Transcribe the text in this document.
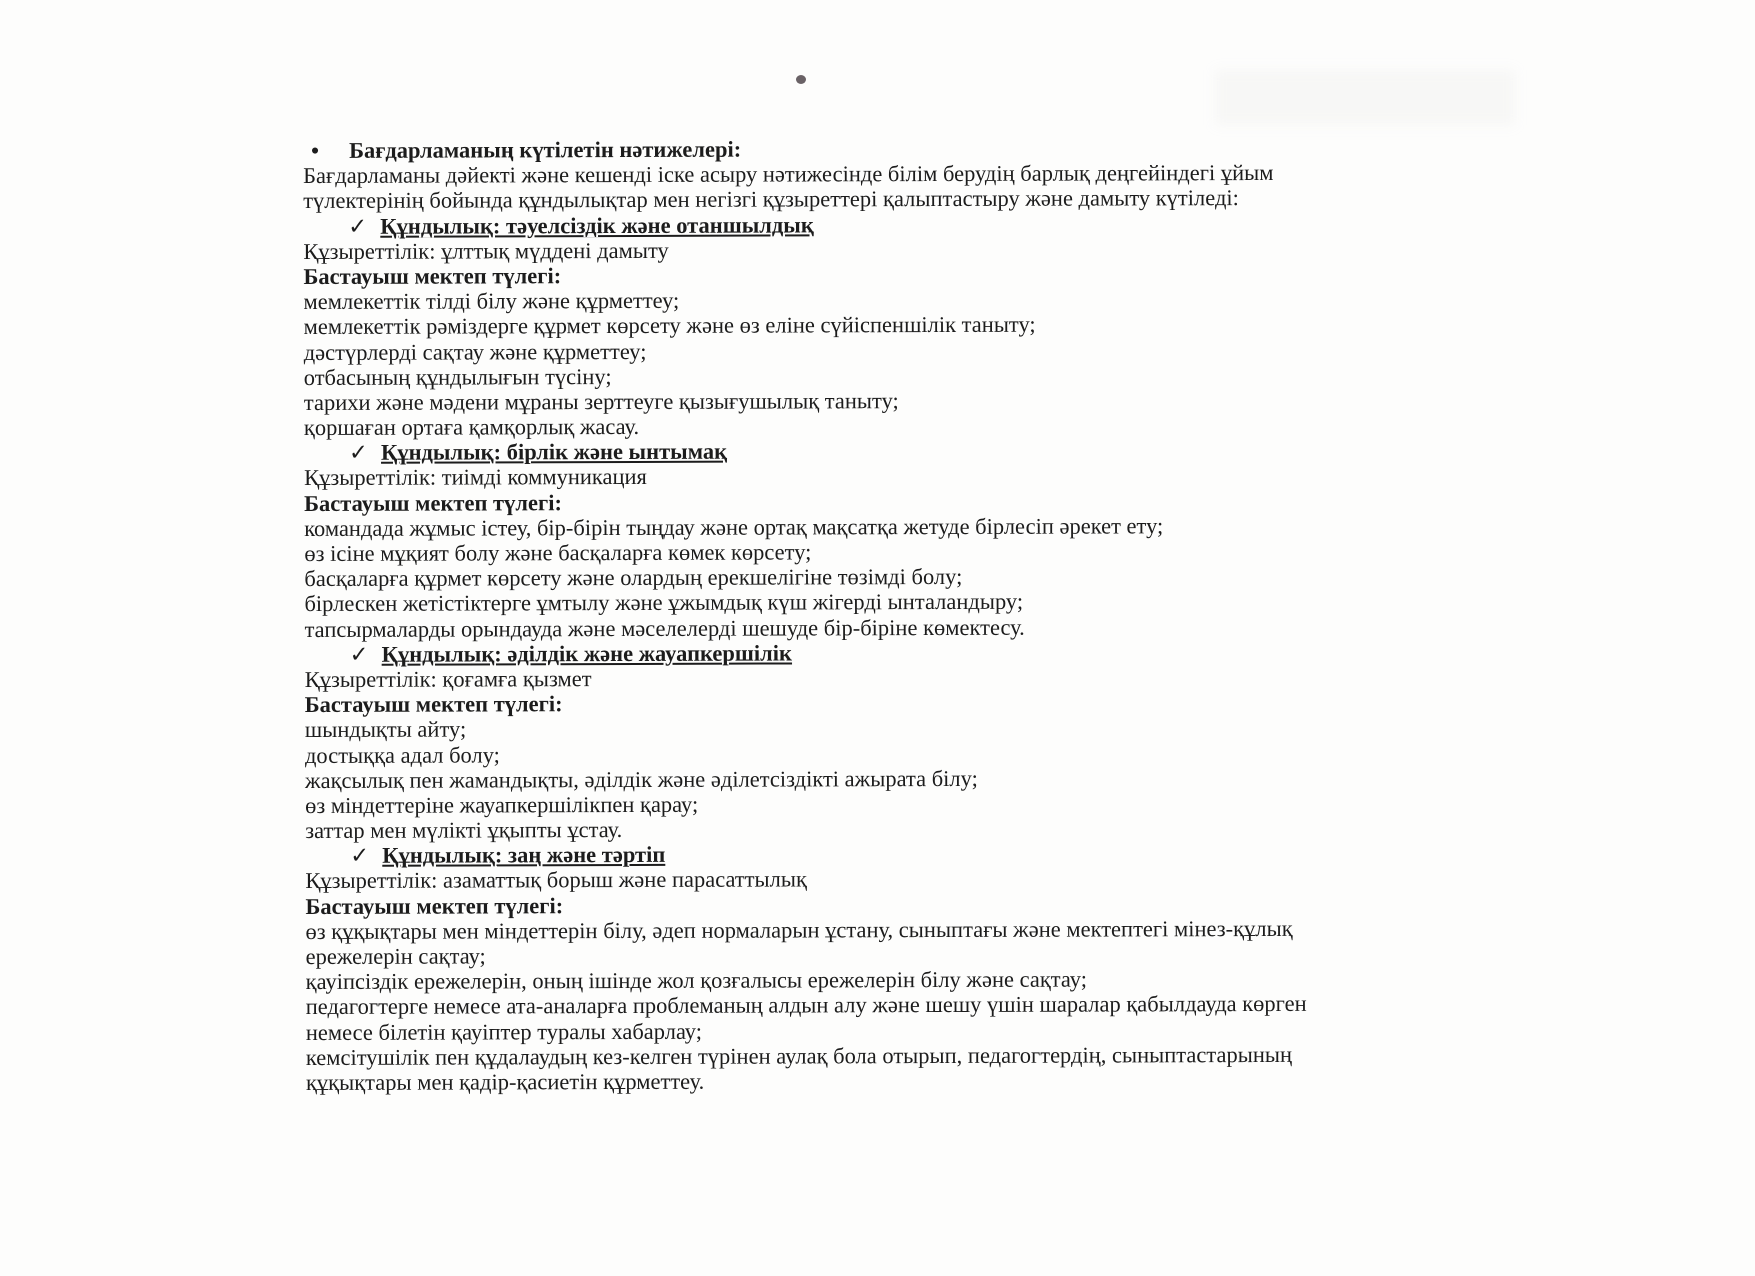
• Бағдарламаның күтілетін нәтижелері:
Бағдарламаны дәйекті және кешенді іске асыру нәтижесінде білім берудің барлық деңгейіндегі ұйым
түлектерінің бойында құндылықтар мен негізгі құзыреттері қалыптастыру және дамыту күтіледі:
✓ Құндылық: тәуелсіздік және отаншылдық
Құзыреттілік: ұлттық мүддені дамыту
Бастауыш мектеп түлегі:
мемлекеттік тілді білу және құрметтеу;
мемлекеттік рәміздерге құрмет көрсету және өз еліне сүйіспеншілік таныту;
дәстүрлерді сақтау және құрметтеу;
отбасының құндылығын түсіну;
тарихи және мәдени мұраны зерттеуге қызығушылық таныту;
қоршаған ортаға қамқорлық жасау.
✓ Құндылық: бірлік және ынтымақ
Құзыреттілік: тиімді коммуникация
Бастауыш мектеп түлегі:
командада жұмыс істеу, бір-бірін тыңдау және ортақ мақсатқа жетуде бірлесіп әрекет ету;
өз ісіне мұқият болу және басқаларға көмек көрсету;
басқаларға құрмет көрсету және олардың ерекшелігіне төзімді болу;
бірлескен жетістіктерге ұмтылу және ұжымдық күш жігерді ынталандыру;
тапсырмаларды орындауда және мәселелерді шешуде бір-біріне көмектесу.
✓ Құндылық: әділдік және жауапкершілік
Құзыреттілік: қоғамға қызмет
Бастауыш мектеп түлегі:
шындықты айту;
достыққа адал болу;
жақсылық пен жамандықты, әділдік және әділетсіздікті ажырата білу;
өз міндеттеріне жауапкершілікпен қарау;
заттар мен мүлікті ұқыпты ұстау.
✓ Құндылық: заң және тәртіп
Құзыреттілік: азаматтық борыш және парасаттылық
Бастауыш мектеп түлегі:
өз құқықтары мен міндеттерін білу, әдеп нормаларын ұстану, сыныптағы және мектептегі мінез-құлық
ережелерін сақтау;
қауіпсіздік ережелерін, оның ішінде жол қозғалысы ережелерін білу және сақтау;
педагогтерге немесе ата-аналарға проблеманың алдын алу және шешу үшін шаралар қабылдауда көрген
немесе білетін қауіптер туралы хабарлау;
кемсітушілік пен құдалаудың кез-келген түрінен аулақ бола отырып, педагогтердің, сыныптастарының
құқықтары мен қадір-қасиетін құрметтеу.
